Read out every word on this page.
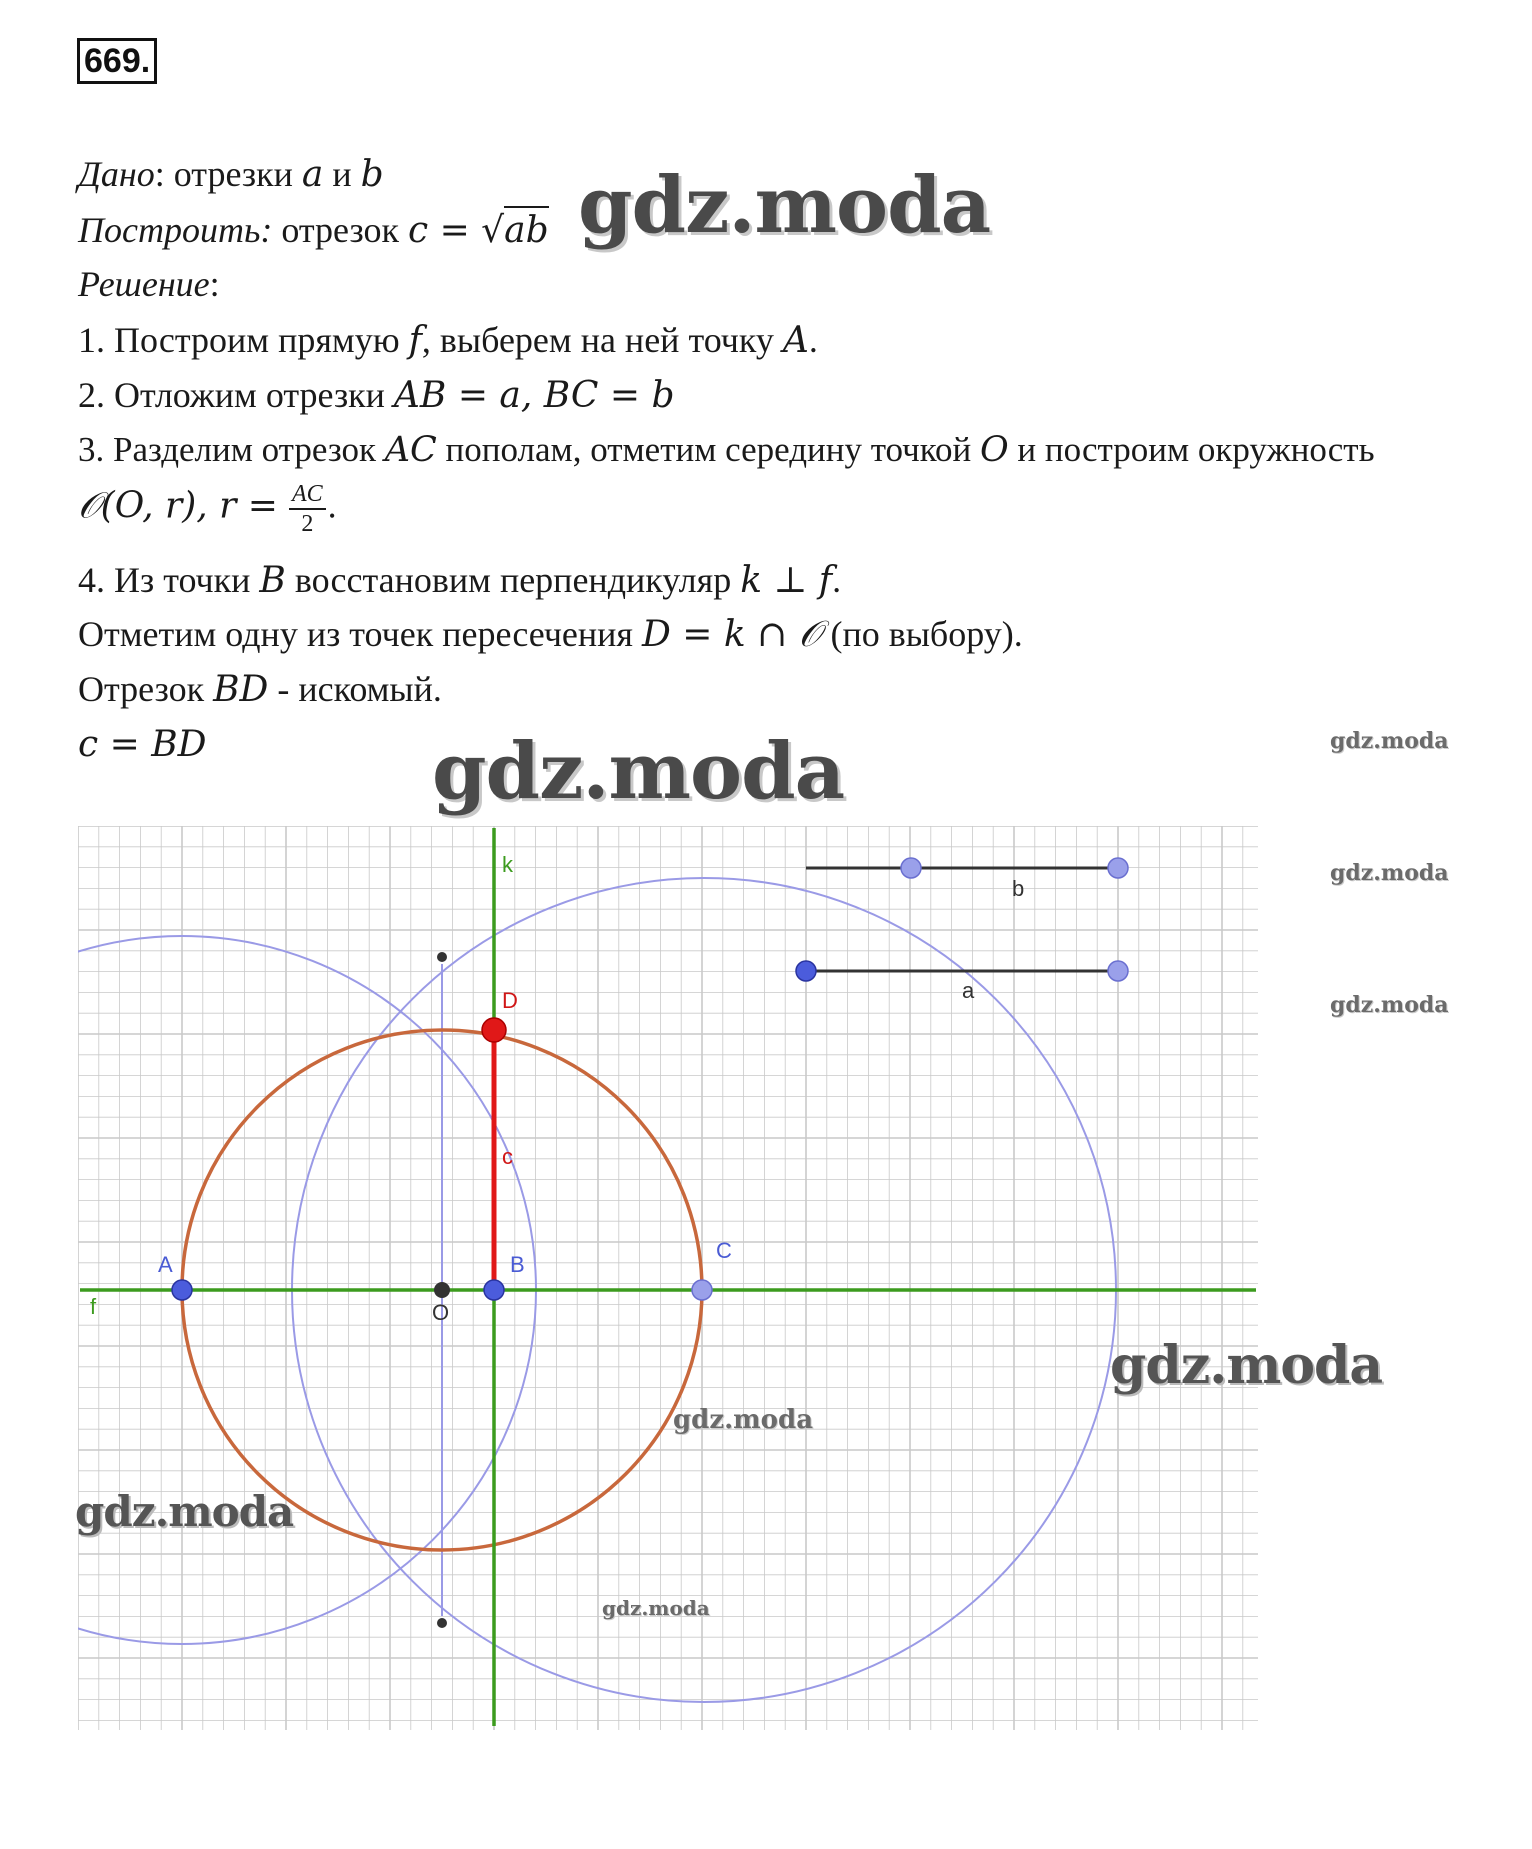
669.
Дано: отрезки a и b
Построить: отрезок c = √ab
Решение:
1. Построим прямую f, выберем на ней точку A.
2. Отложим отрезки AB = a, BC = b
3. Разделим отрезок AC пополам, отметим середину точкой O и построим окружность
𝒪(O, r), $r = \frac{AC}{2}$ .
4. Из точки B восстановим перпендикуляр k ⊥ f.
Отметим одну из точек пересечения D = k ∩ 𝒪 (по выбору).
Отрезок BD - искомый.
c = BD
A
O
B
C
D
c
f
k
a
b
gdz.moda
gdz.moda
gdz.moda
gdz.moda
gdz.moda
gdz.moda
gdz.moda
gdz.moda
gdz.moda
